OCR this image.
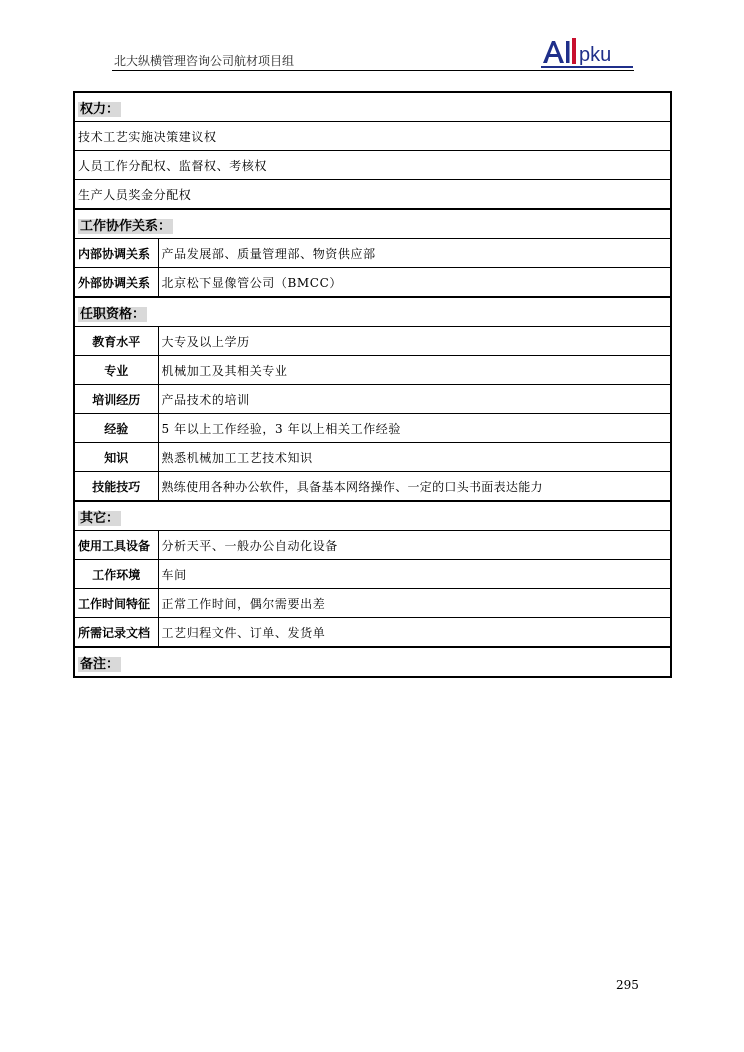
北大纵横管理咨询公司航材项目组	pku
权力：	
技术工艺实施决策建议权	
人员工作分配权、监督权、考核权	
生产人员奖金分配权	
工作协作关系：	
内部协调关系	产品发展部、质量管理部、物资供应部
外部协调关系	北京松下显像管公司（BMCC）
任职资格：	
教育水平	大专及以上学历
专业	机械加工及其相关专业
培训经历	产品技术的培训
经验	5 年以上工作经验，3 年以上相关工作经验
知识	熟悉机械加工工艺技术知识
技能技巧	熟练使用各种办公软件，具备基本网络操作、一定的口头书面表达能力
其它：	
使用工具设备	分析天平、一般办公自动化设备
工作环境	车间
工作时间特征	正常工作时间，偶尔需要出差
所需记录文档	工艺归程文件、订单、发货单
备注：	
295
